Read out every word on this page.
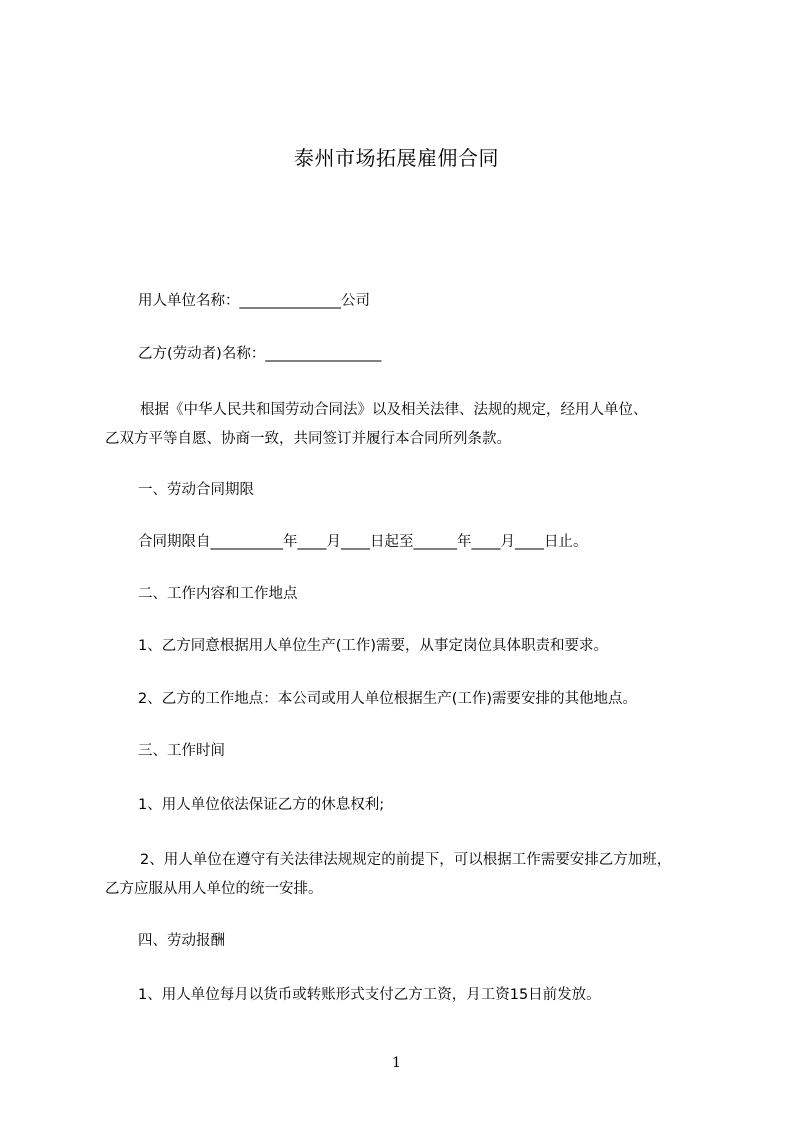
泰州市场拓展雇佣合同
用人单位名称：______________公司
乙方(劳动者)名称：________________
根据《中华人民共和国劳动合同法》以及相关法律、法规的规定，经用人单位、
乙双方平等自愿、协商一致，共同签订并履行本合同所列条款。
一、劳动合同期限
合同期限自__________年____月____日起至______年____月____日止。
二、工作内容和工作地点
1、乙方同意根据用人单位生产(工作)需要，从事定岗位具体职责和要求。
2、乙方的工作地点：本公司或用人单位根据生产(工作)需要安排的其他地点。
三、工作时间
1、用人单位依法保证乙方的休息权利;
2、用人单位在遵守有关法律法规规定的前提下，可以根据工作需要安排乙方加班，
乙方应服从用人单位的统一安排。
四、劳动报酬
1、用人单位每月以货币或转账形式支付乙方工资，月工资15日前发放。
1
